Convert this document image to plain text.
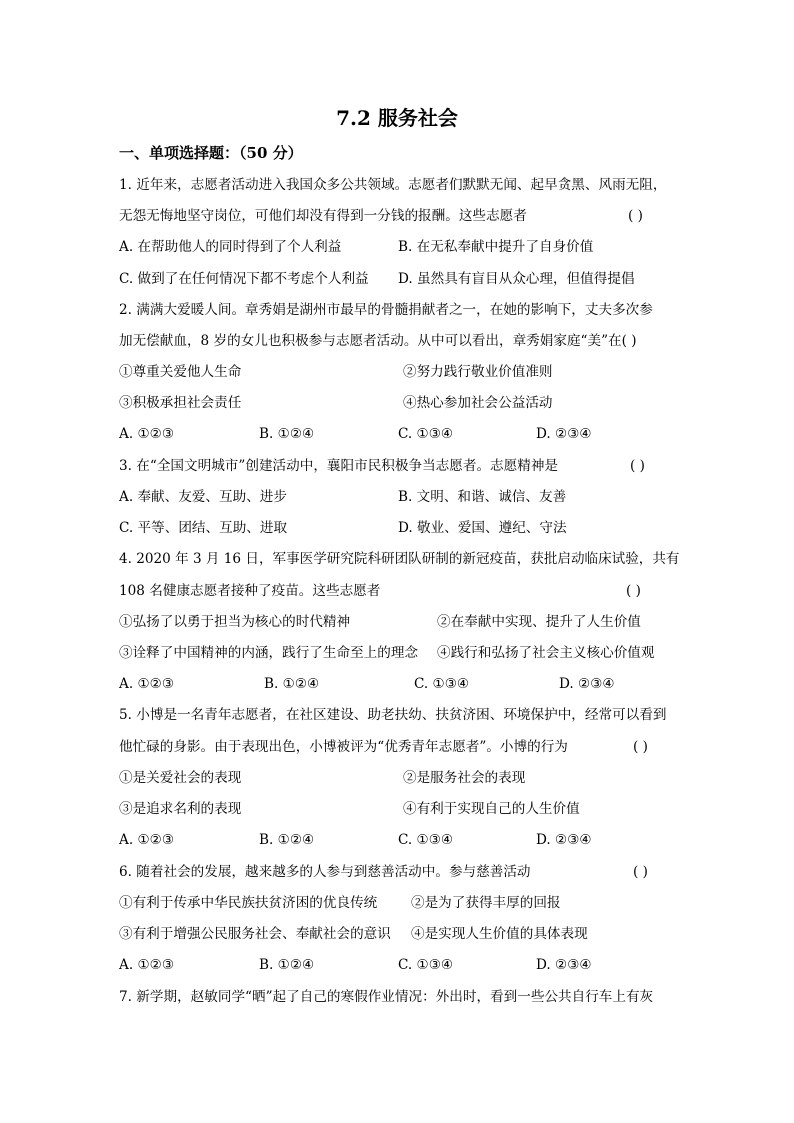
7.2 服务社会
一、单项选择题：（50 分）
1. 近年来，志愿者活动进入我国众多公共领域。志愿者们默默无闻、起早贪黑、风雨无阻，
无怨无悔地坚守岗位，可他们却没有得到一分钱的报酬。这些志愿者	( )
A. 在帮助他人的同时得到了个人利益	B. 在无私奉献中提升了自身价值
C. 做到了在任何情况下都不考虑个人利益 D. 虽然具有盲目从众心理，但值得提倡
2. 满满大爱暖人间。章秀娟是湖州市最早的骨髓捐献者之一，在她的影响下，丈夫多次参
加无偿献血，8 岁的女儿也积极参与志愿者活动。从中可以看出，章秀娟家庭“美”在( )
①尊重关爱他人生命	②努力践行敬业价值准则
③积极承担社会责任	④热心参加社会公益活动
A. ①②③	B. ①②④	C. ①③④	D. ②③④
3. 在“全国文明城市”创建活动中，襄阳市民积极争当志愿者。志愿精神是	( )
A. 奉献、友爱、互助、进步	B. 文明、和谐、诚信、友善
C. 平等、团结、互助、进取	D. 敬业、爱国、遵纪、守法
4. 2020 年 3 月 16 日，军事医学研究院科研团队研制的新冠疫苗，获批启动临床试验，共有
108 名健康志愿者接种了疫苗。这些志愿者	( )
①弘扬了以勇于担当为核心的时代精神	②在奉献中实现、提升了人生价值
③诠释了中国精神的内涵，践行了生命至上的理念 ④践行和弘扬了社会主义核心价值观
A. ①②③	B. ①②④	C. ①③④	D. ②③④
5. 小博是一名青年志愿者，在社区建设、助老扶幼、扶贫济困、环境保护中，经常可以看到
他忙碌的身影。由于表现出色，小博被评为“优秀青年志愿者”。小博的行为	( )
①是关爱社会的表现	②是服务社会的表现
③是追求名利的表现	④有利于实现自己的人生价值
A. ①②③	B. ①②④	C. ①③④	D. ②③④
6. 随着社会的发展，越来越多的人参与到慈善活动中。参与慈善活动	( )
①有利于传承中华民族扶贫济困的优良传统 ②是为了获得丰厚的回报
③有利于增强公民服务社会、奉献社会的意识 ④是实现人生价值的具体表现
A. ①②③	B. ①②④	C. ①③④	D. ②③④
7. 新学期，赵敏同学“晒”起了自己的寒假作业情况：外出时，看到一些公共自行车上有灰
